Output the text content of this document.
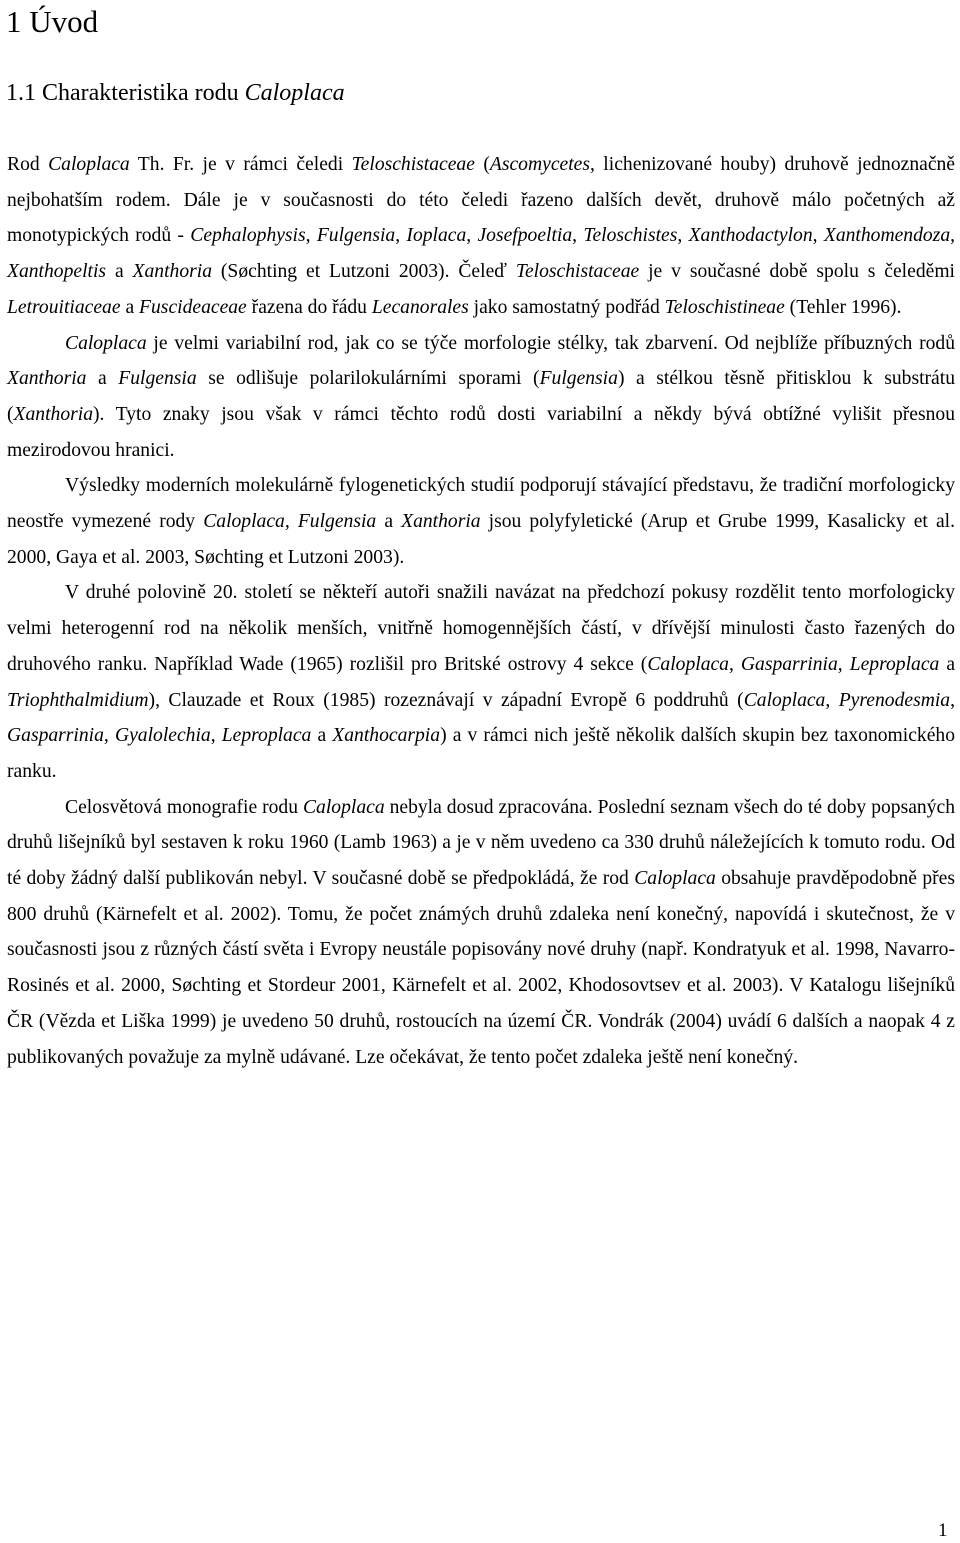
1 Úvod
1.1 Charakteristika rodu Caloplaca

Rod Caloplaca Th. Fr. je v rámci čeledi Teloschistaceae (Ascomycetes, lichenizované houby) druhově jednoznačně nejbohatším rodem. Dále je v současnosti do této čeledi řazeno dalších devět, druhově málo početných až monotypických rodů - Cephalophysis, Fulgensia, Ioplaca, Josefpoeltia, Teloschistes, Xanthodactylon, Xanthomendoza, Xanthopeltis a Xanthoria (Søchting et Lutzoni 2003). Čeleď Teloschistaceae je v současné době spolu s čeleděmi Letrouitiaceae a Fuscideaceae řazena do řádu Lecanorales jako samostatný podřád Teloschistineae (Tehler 1996).

Caloplaca je velmi variabilní rod, jak co se týče morfologie stélky, tak zbarvení. Od nejblíže příbuzných rodů Xanthoria a Fulgensia se odlišuje polarilokulárními sporami (Fulgensia) a stélkou těsně přitisklou k substrátu (Xanthoria). Tyto znaky jsou však v rámci těchto rodů dosti variabilní a někdy bývá obtížné vylišit přesnou mezirodovou hranici.

Výsledky moderních molekulárně fylogenetických studií podporují stávající představu, že tradiční morfologicky neostře vymezené rody Caloplaca, Fulgensia a Xanthoria jsou polyfyletické (Arup et Grube 1999, Kasalicky et al. 2000, Gaya et al. 2003, Søchting et Lutzoni 2003).

V druhé polovině 20. století se někteří autoři snažili navázat na předchozí pokusy rozdělit tento morfologicky velmi heterogenní rod na několik menších, vnitřně homogennějších částí, v dřívější minulosti často řazených do druhového ranku. Například Wade (1965) rozlišil pro Britské ostrovy 4 sekce (Caloplaca, Gasparrinia, Leproplaca a Triophthalmidium), Clauzade et Roux (1985) rozeznávají v západní Evropě 6 poddruhů (Caloplaca, Pyrenodesmia, Gasparrinia, Gyalolechia, Leproplaca a Xanthocarpia) a v rámci nich ještě několik dalších skupin bez taxonomického ranku.

Celosvětová monografie rodu Caloplaca nebyla dosud zpracována. Poslední seznam všech do té doby popsaných druhů lišejníků byl sestaven k roku 1960 (Lamb 1963) a je v něm uvedeno ca 330 druhů náležejících k tomuto rodu. Od té doby žádný další publikován nebyl. V současné době se předpokládá, že rod Caloplaca obsahuje pravděpodobně přes 800 druhů (Kärnefelt et al. 2002). Tomu, že počet známých druhů zdaleka není konečný, napovídá i skutečnost, že v současnosti jsou z různých částí světa i Evropy neustále popisovány nové druhy (např. Kondratyuk et al. 1998, Navarro-Rosinés et al. 2000, Søchting et Stordeur 2001, Kärnefelt et al. 2002, Khodosovtsev et al. 2003). V Katalogu lišejníků ČR (Vězda et Liška 1999) je uvedeno 50 druhů, rostoucích na území ČR. Vondrák (2004) uvádí 6 dalších a naopak 4 z publikovaných považuje za mylně udávané. Lze očekávat, že tento počet zdaleka ještě není konečný.

1
